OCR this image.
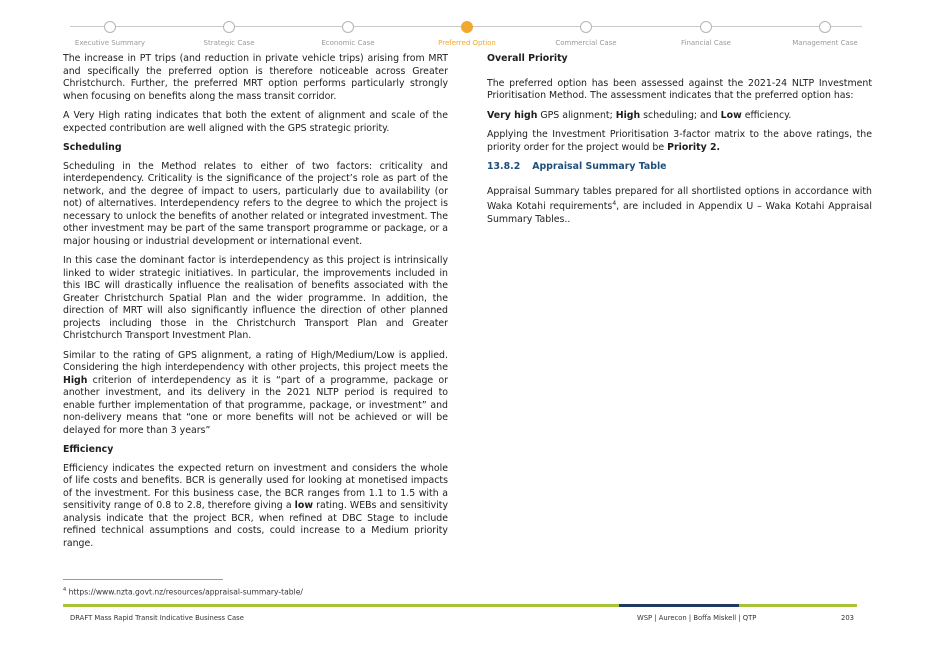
Executive Summary	Strategic Case	Economic Case	Preferred Option	Commercial Case	Financial Case	Management Case

The increase in PT trips (and reduction in private vehicle trips) arising from MRT and specifically the preferred option is therefore noticeable across Greater Christchurch. Further, the preferred MRT option performs particularly strongly when focusing on benefits along the mass transit corridor.

A Very High rating indicates that both the extent of alignment and scale of the expected contribution are well aligned with the GPS strategic priority.

Scheduling

Scheduling in the Method relates to either of two factors: criticality and interdependency. Criticality is the significance of the project’s role as part of the network, and the degree of impact to users, particularly due to availability (or not) of alternatives. Interdependency refers to the degree to which the project is necessary to unlock the benefits of another related or integrated investment. The other investment may be part of the same transport programme or package, or a major housing or industrial development or international event.

In this case the dominant factor is interdependency as this project is intrinsically linked to wider strategic initiatives. In particular, the improvements included in this IBC will drastically influence the realisation of benefits associated with the Greater Christchurch Spatial Plan and the wider programme. In addition, the direction of MRT will also significantly influence the direction of other planned projects including those in the Christchurch Transport Plan and Greater Christchurch Transport Investment Plan.

Similar to the rating of GPS alignment, a rating of High/Medium/Low is applied. Considering the high interdependency with other projects, this project meets the High criterion of interdependency as it is “part of a programme, package or another investment, and its delivery in the 2021 NLTP period is required to enable further implementation of that programme, package, or investment” and non-delivery means that “one or more benefits will not be achieved or will be delayed for more than 3 years”

Efficiency

Efficiency indicates the expected return on investment and considers the whole of life costs and benefits. BCR is generally used for looking at monetised impacts of the investment. For this business case, the BCR ranges from 1.1 to 1.5 with a sensitivity range of 0.8 to 2.8, therefore giving a low rating. WEBs and sensitivity analysis indicate that the project BCR, when refined at DBC Stage to include refined technical assumptions and costs, could increase to a Medium priority range.

Overall Priority

The preferred option has been assessed against the 2021-24 NLTP Investment Prioritisation Method. The assessment indicates that the preferred option has:

Very high GPS alignment; High scheduling; and Low efficiency.

Applying the Investment Prioritisation 3-factor matrix to the above ratings, the priority order for the project would be Priority 2.

13.8.2 Appraisal Summary Table

Appraisal Summary tables prepared for all shortlisted options in accordance with Waka Kotahi requirements$^4$, are included in Appendix U – Waka Kotahi Appraisal Summary Tables..

$^4$ https://www.nzta.govt.nz/resources/appraisal-summary-table/
DRAFT Mass Rapid Transit Indicative Business Case	WSP | Aurecon | Boffa Miskell | QTP	203
